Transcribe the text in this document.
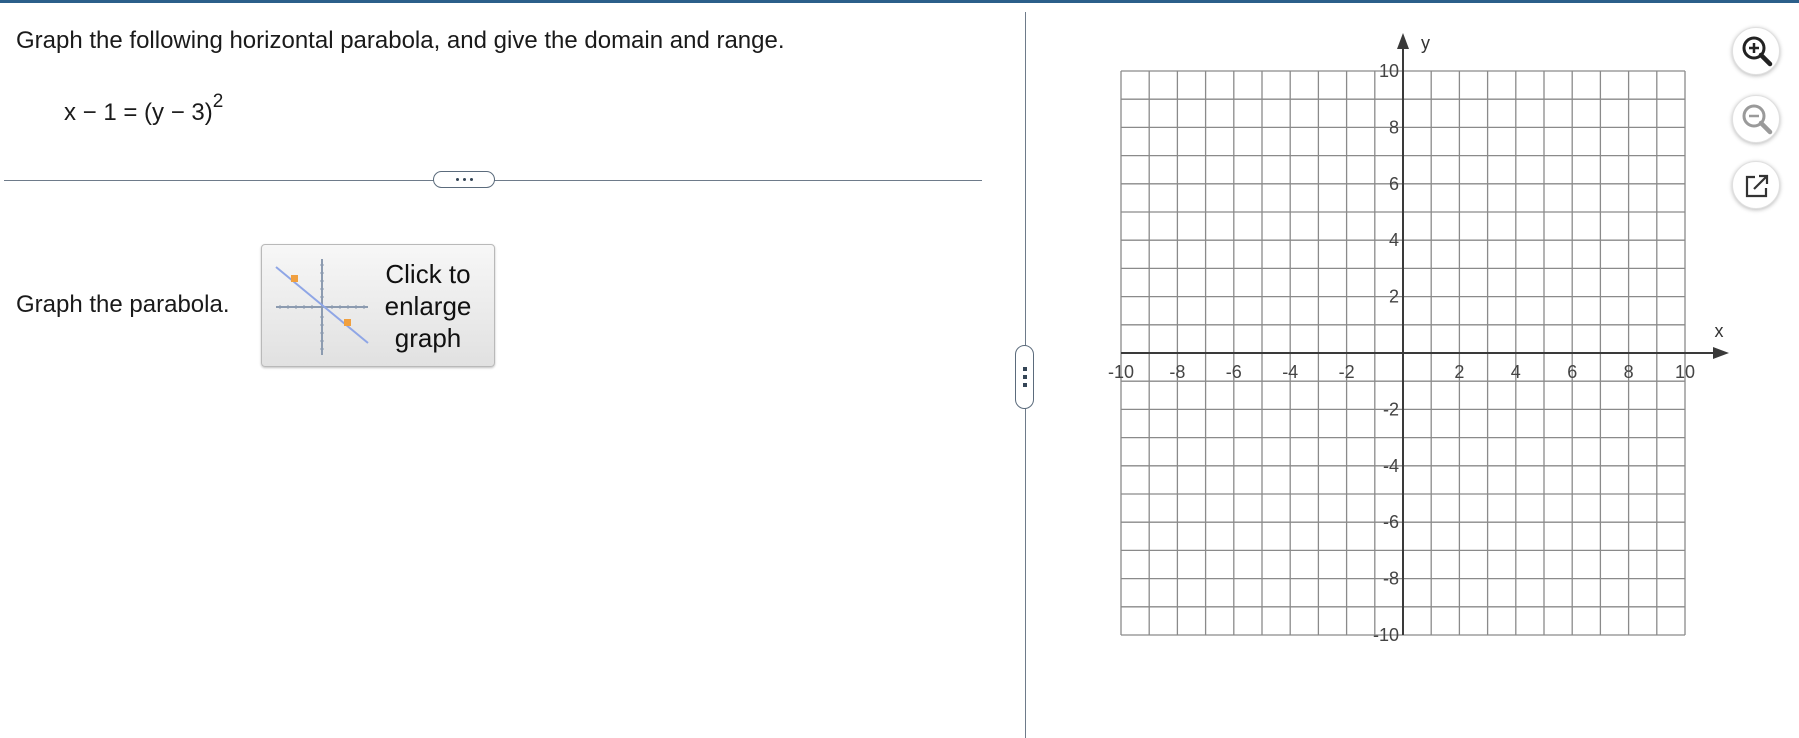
Graph the following horizontal parabola, and give the domain and range.
$x - 1 = (y - 3)^2$
Graph the parabola.
Click to
enlarge
graph	x
y
-10 -8 -6 -4 -2	2	4	6	8 10
10
8
6
4
2
-2
-4
-6
-8
-10
